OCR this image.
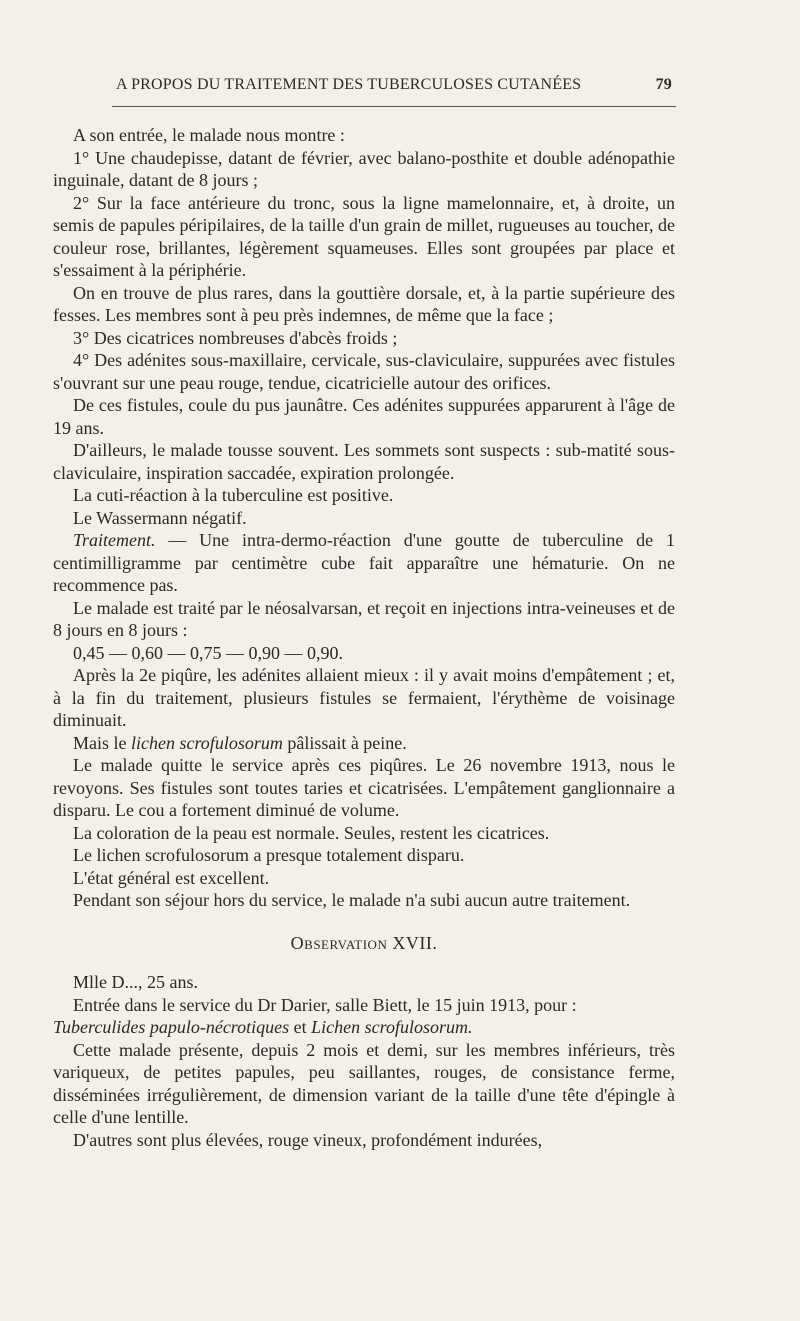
A PROPOS DU TRAITEMENT DES TUBERCULOSES CUTANÉES	79

A son entrée, le malade nous montre :

1° Une chaudepisse, datant de février, avec balano-posthite et double adénopathie inguinale, datant de 8 jours ;

2° Sur la face antérieure du tronc, sous la ligne mamelonnaire, et, à droite, un semis de papules péripilaires, de la taille d'un grain de millet, rugueuses au toucher, de couleur rose, brillantes, légèrement squameuses. Elles sont groupées par place et s'essaiment à la périphérie.

On en trouve de plus rares, dans la gouttière dorsale, et, à la partie supérieure des fesses. Les membres sont à peu près indemnes, de même que la face ;

3° Des cicatrices nombreuses d'abcès froids ;

4° Des adénites sous-maxillaire, cervicale, sus-claviculaire, suppurées avec fistules s'ouvrant sur une peau rouge, tendue, cicatricielle autour des orifices.

De ces fistules, coule du pus jaunâtre. Ces adénites suppurées apparurent à l'âge de 19 ans.

D'ailleurs, le malade tousse souvent. Les sommets sont suspects : sub-matité sous-claviculaire, inspiration saccadée, expiration prolongée.

La cuti-réaction à la tuberculine est positive.

Le Wassermann négatif.

Traitement. — Une intra-dermo-réaction d'une goutte de tuberculine de 1 centimilligramme par centimètre cube fait apparaître une hématurie. On ne recommence pas.

Le malade est traité par le néosalvarsan, et reçoit en injections intra-veineuses et de 8 jours en 8 jours :

0,45 — 0,60 — 0,75 — 0,90 — 0,90.

Après la 2e piqûre, les adénites allaient mieux : il y avait moins d'empâtement ; et, à la fin du traitement, plusieurs fistules se fermaient, l'érythème de voisinage diminuait.

Mais le lichen scrofulosorum pâlissait à peine.

Le malade quitte le service après ces piqûres. Le 26 novembre 1913, nous le revoyons. Ses fistules sont toutes taries et cicatrisées. L'empâtement ganglionnaire a disparu. Le cou a fortement diminué de volume.

La coloration de la peau est normale. Seules, restent les cicatrices.

Le lichen scrofulosorum a presque totalement disparu.

L'état général est excellent.

Pendant son séjour hors du service, le malade n'a subi aucun autre traitement.

Observation XVII.

Mlle D..., 25 ans.

Entrée dans le service du Dr Darier, salle Biett, le 15 juin 1913, pour :
Tuberculides papulo-nécrotiques et Lichen scrofulosorum.

Cette malade présente, depuis 2 mois et demi, sur les membres inférieurs, très variqueux, de petites papules, peu saillantes, rouges, de consistance ferme, disséminées irrégulièrement, de dimension variant de la taille d'une tête d'épingle à celle d'une lentille.

D'autres sont plus élevées, rouge vineux, profondément indurées,
